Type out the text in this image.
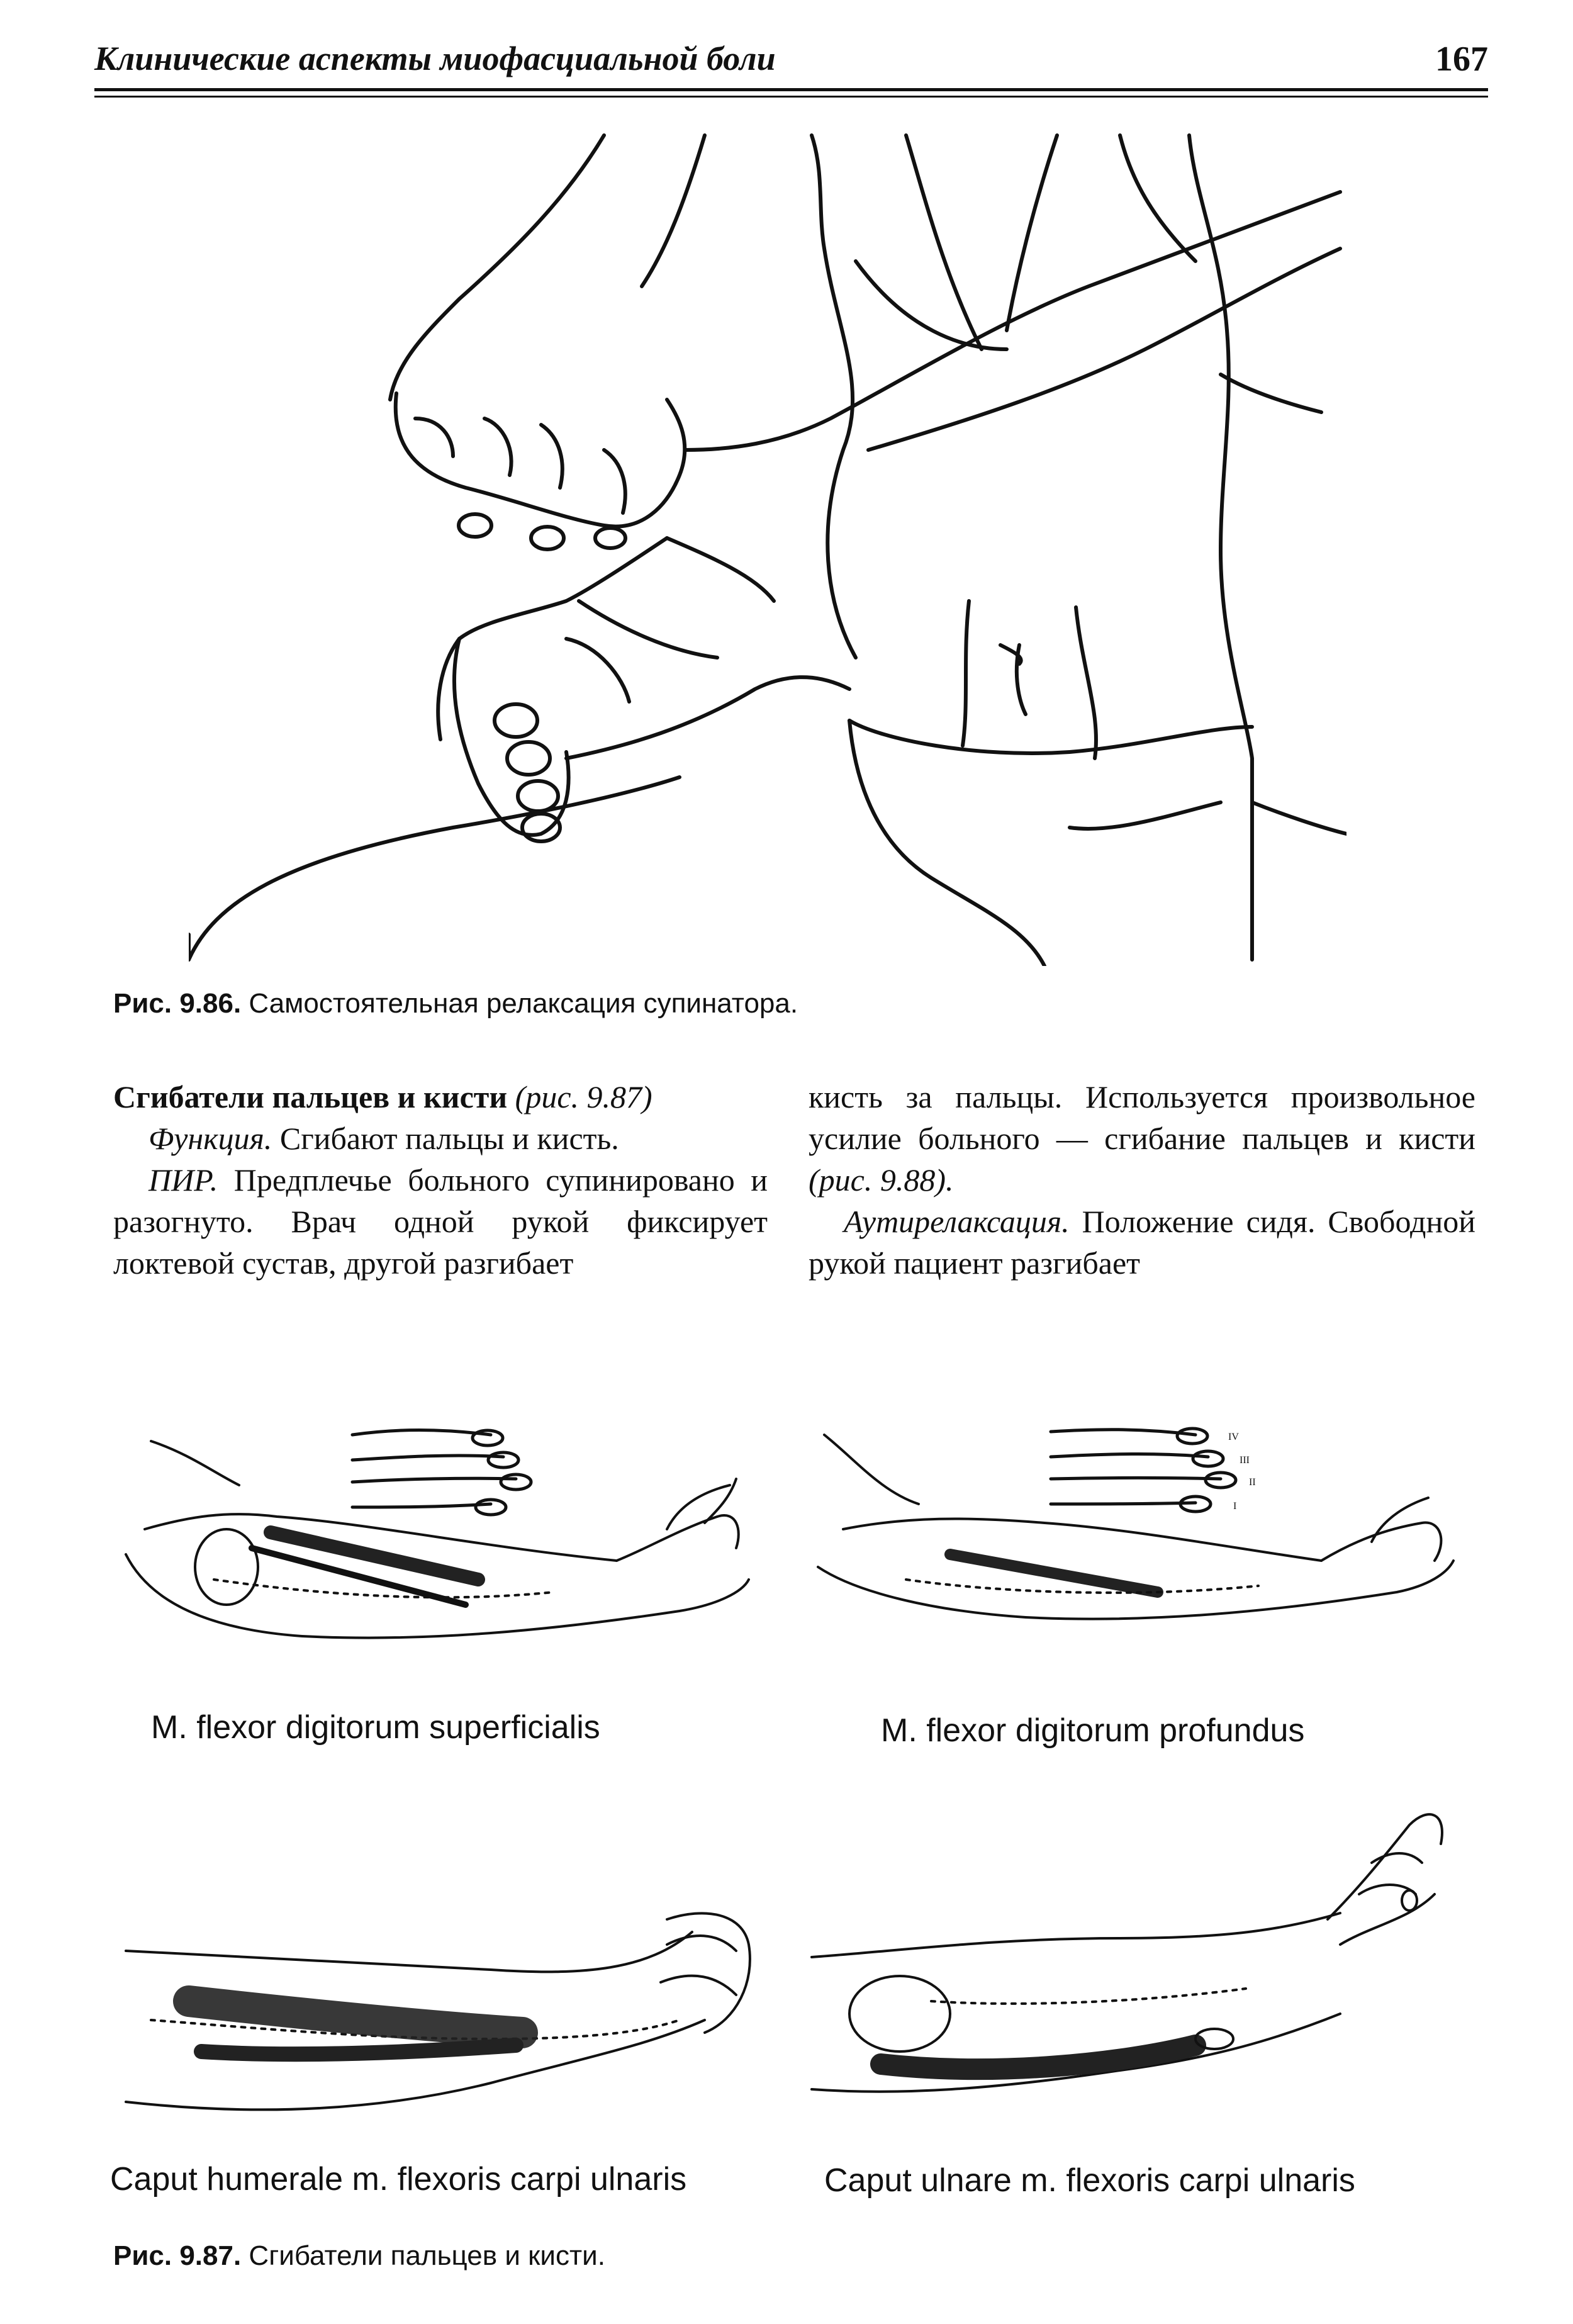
Клинические аспекты миофасциальной боли	167
Рис. 9.86. Самостоятельная релаксация супинатора.

Сгибатели пальцев и кисти (рис. 9.87)

Функция. Сгибают пальцы и кисть.

ПИР. Предплечье больного супинировано и разогнуто. Врач одной рукой фиксирует локтевой сустав, другой разгибает

кисть за пальцы. Используется произвольное усилие больного — сгибание пальцев и кисти (рис. 9.88).

Аутирелаксация. Положение сидя. Свободной рукой пациент разгибает

IV
III
II
I
M. flexor digitorum superficialis	M. flexor digitorum profundus
Caput humerale m. flexoris carpi ulnaris	Caput ulnare m. flexoris carpi ulnaris
Рис. 9.87. Сгибатели пальцев и кисти.
